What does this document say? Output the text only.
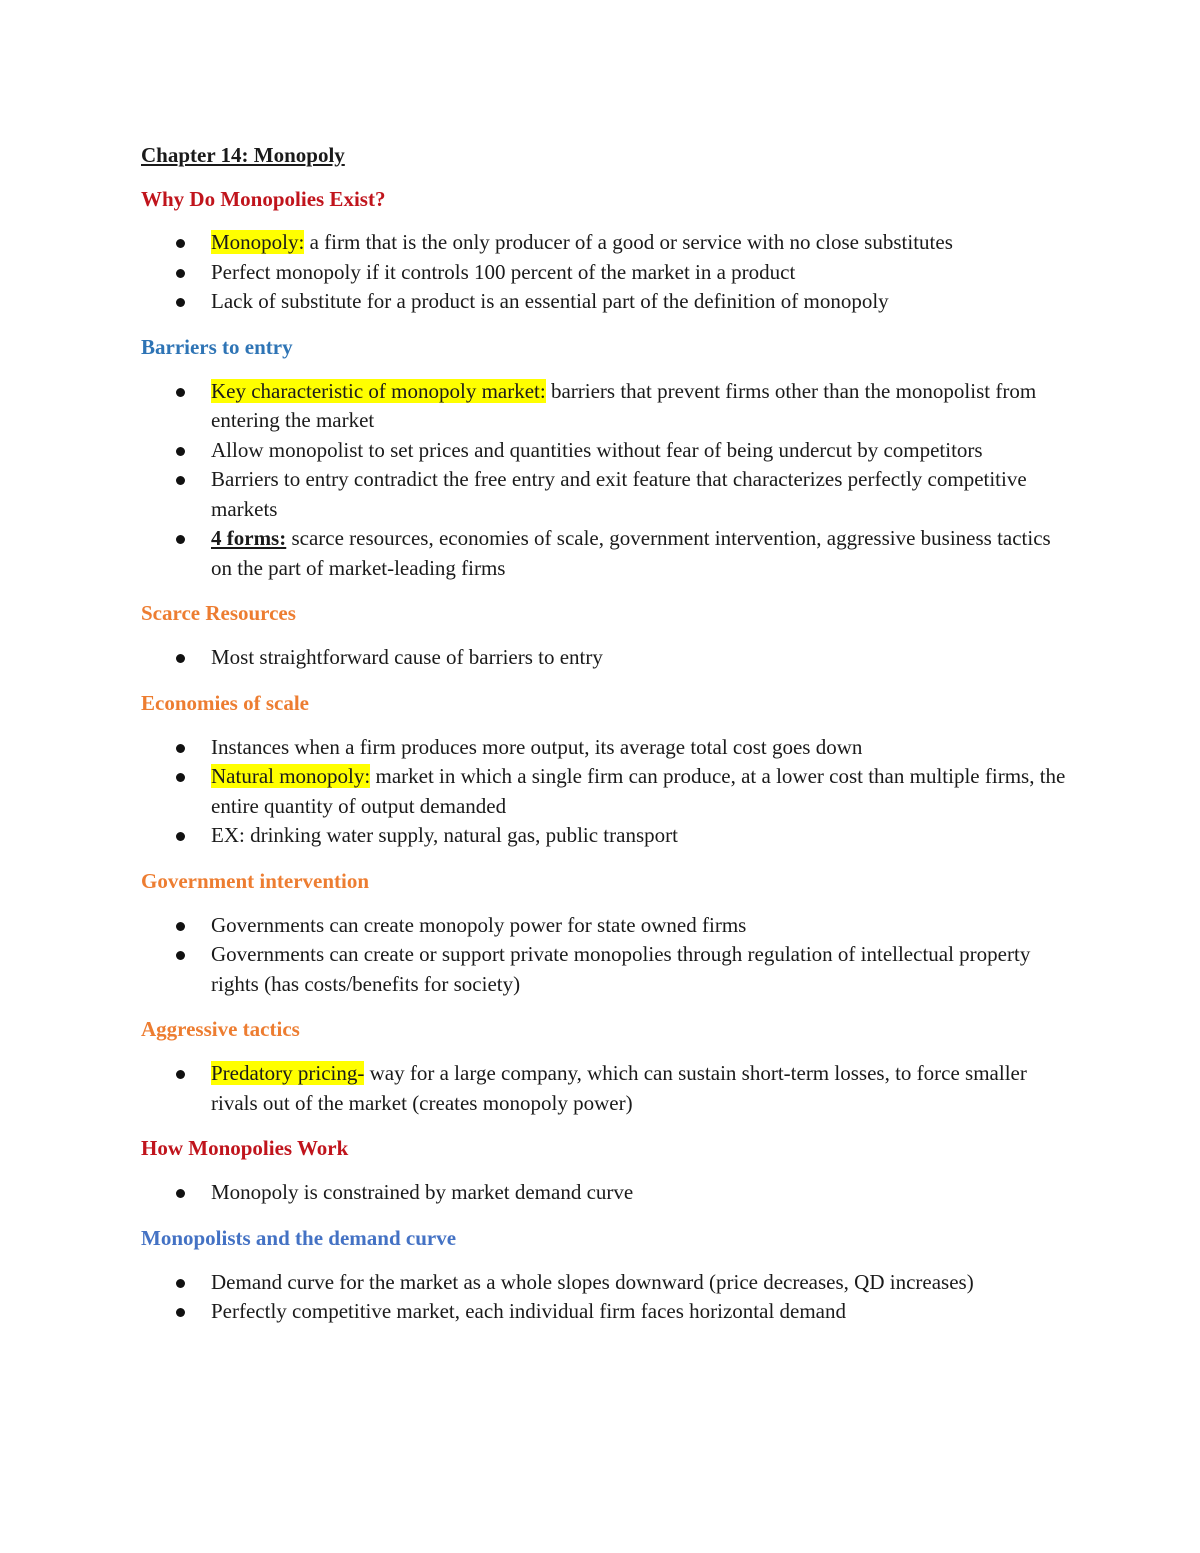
Chapter 14: Monopoly
Why Do Monopolies Exist?
Monopoly: a firm that is the only producer of a good or service with no close substitutes
Perfect monopoly if it controls 100 percent of the market in a product
Lack of substitute for a product is an essential part of the definition of monopoly
Barriers to entry
Key characteristic of monopoly market: barriers that prevent firms other than the monopolist from entering the market
Allow monopolist to set prices and quantities without fear of being undercut by competitors
Barriers to entry contradict the free entry and exit feature that characterizes perfectly competitive markets
4 forms: scarce resources, economies of scale, government intervention, aggressive business tactics on the part of market-leading firms
Scarce Resources
Most straightforward cause of barriers to entry
Economies of scale
Instances when a firm produces more output, its average total cost goes down
Natural monopoly: market in which a single firm can produce, at a lower cost than multiple firms, the entire quantity of output demanded
EX: drinking water supply, natural gas, public transport
Government intervention
Governments can create monopoly power for state owned firms
Governments can create or support private monopolies through regulation of intellectual property rights (has costs/benefits for society)
Aggressive tactics
Predatory pricing- way for a large company, which can sustain short-term losses, to force smaller rivals out of the market (creates monopoly power)
How Monopolies Work
Monopoly is constrained by market demand curve
Monopolists and the demand curve
Demand curve for the market as a whole slopes downward (price decreases, QD increases)
Perfectly competitive market, each individual firm faces horizontal demand
